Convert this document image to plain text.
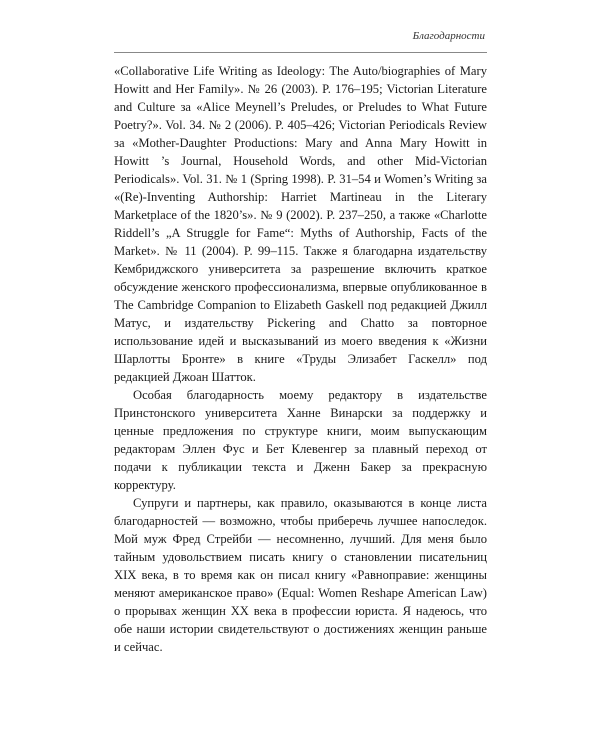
Благодарности

«Collaborative Life Writing as Ideology: The Auto/biographies of Mary Howitt and Her Family». № 26 (2003). P. 176–195; Victorian Literature and Culture за «Alice Meynell’s Preludes, or Preludes to What Future Poetry?». Vol. 34. № 2 (2006). P. 405–426; Victorian Periodicals Review за «Mother-Daughter Productions: Mary and Anna Mary Howitt in Howitt ’s Journal, Household Words, and other Mid-Victorian Periodicals». Vol. 31. № 1 (Spring 1998). P. 31–54 и Women’s Writing за «(Re)-Inventing Authorship: Harriet Martineau in the Literary Marketplace of the 1820’s». № 9 (2002). P. 237–250, а также «Charlotte Riddell’s „A Struggle for Fame“: Myths of Authorship, Facts of the Market». № 11 (2004). P. 99–115. Также я благодарна издательству Кембриджского университета за разрешение включить краткое обсуждение женского профессионализма, впервые опубликованное в The Cambridge Companion to Elizabeth Gaskell под редакцией Джилл Матус, и издательству Pickering and Chatto за повторное использование идей и высказываний из моего введения к «Жизни Шарлотты Бронте» в книге «Труды Элизабет Гаскелл» под редакцией Джоан Шатток.

Особая благодарность моему редактору в издательстве Принстонского университета Ханне Винарски за поддержку и ценные предложения по структуре книги, моим выпускающим редакторам Эллен Фус и Бет Клевенгер за плавный переход от подачи к публикации текста и Дженн Бакер за прекрасную корректуру.

Супруги и партнеры, как правило, оказываются в конце листа благодарностей — возможно, чтобы приберечь лучшее напоследок. Мой муж Фред Стрейби — несомненно, лучший. Для меня было тайным удовольствием писать книгу о становлении писательниц XIX века, в то время как он писал книгу «Равноправие: женщины меняют американское право» (Equal: Women Reshape American Law) о прорывах женщин XX века в профессии юриста. Я надеюсь, что обе наши истории свидетельствуют о достижениях женщин раньше и сейчас.
